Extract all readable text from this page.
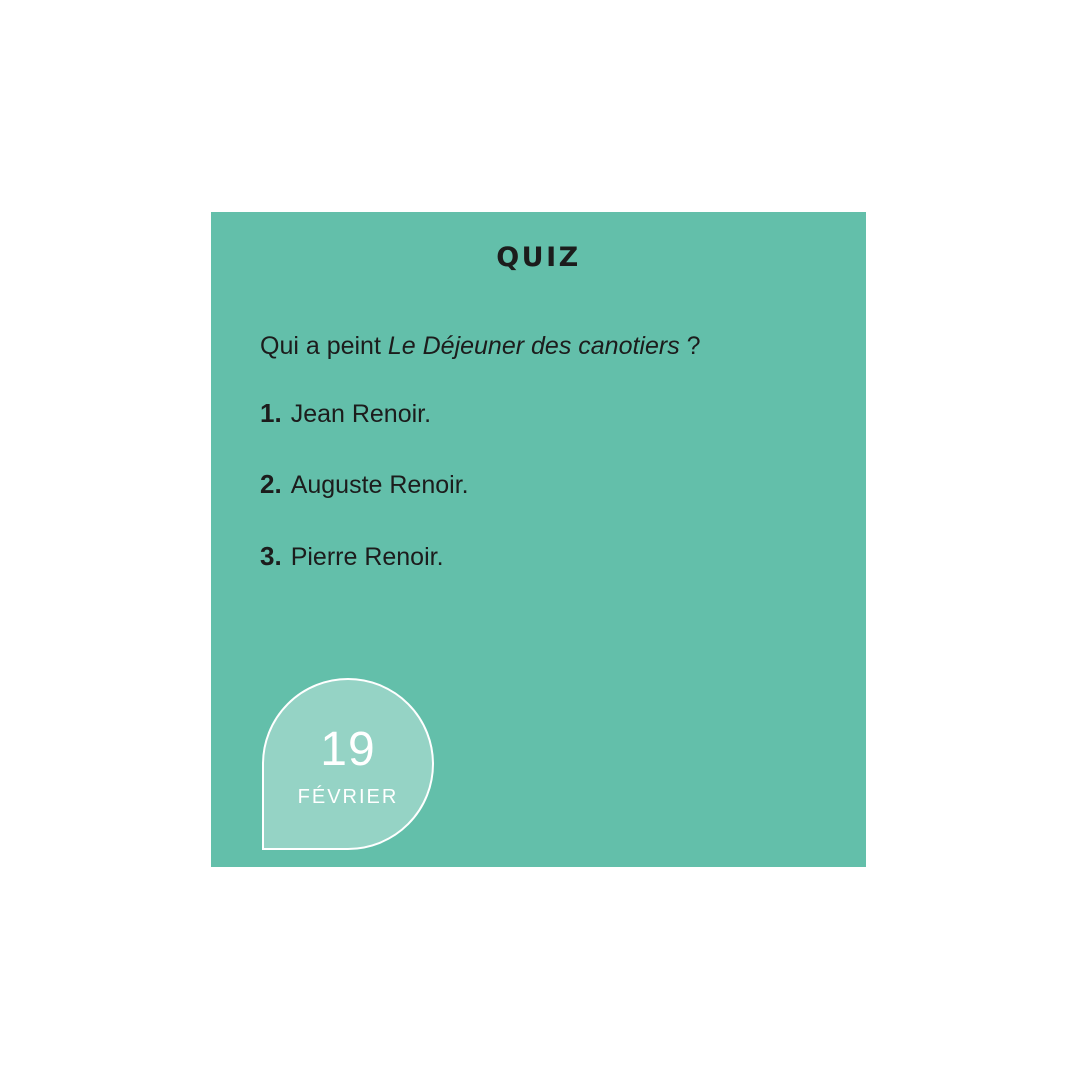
QUIZ

Qui a peint Le Déjeuner des canotiers ?

1. Jean Renoir.
2. Auguste Renoir.
3. Pierre Renoir.
19
FÉVRIER
